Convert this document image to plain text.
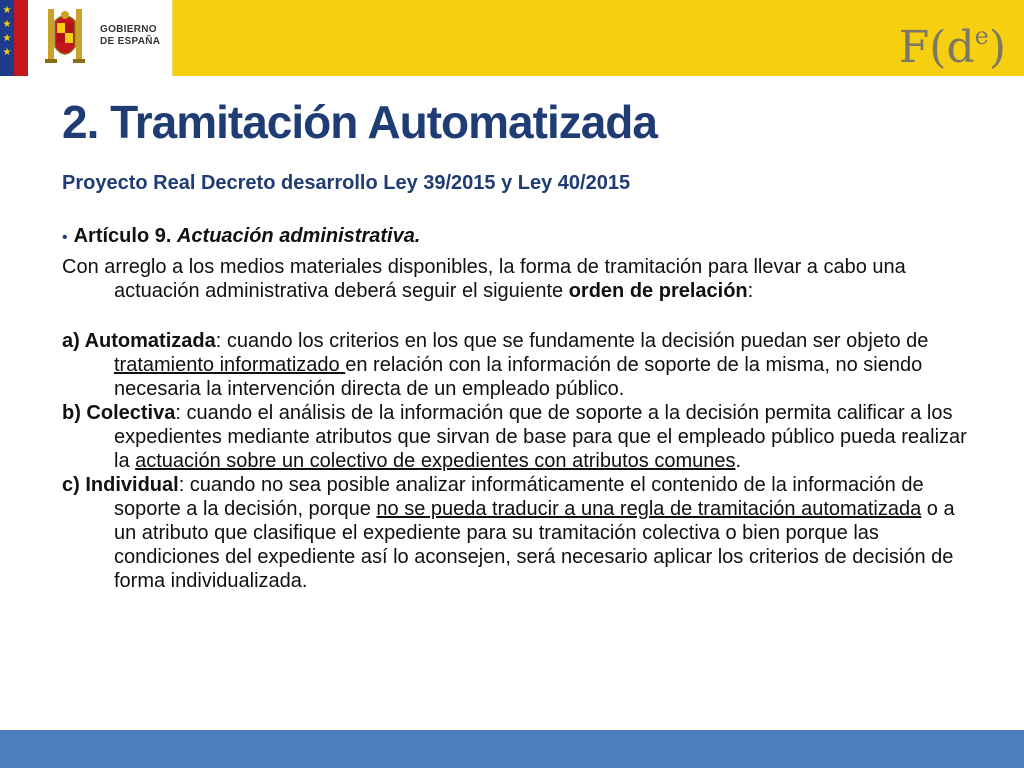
★
★
★
★
GOBIERNO
DE ESPAÑA	$F(d^e)$
2. Tramitación Automatizada
Proyecto Real Decreto desarrollo Ley 39/2015 y Ley 40/2015

• Artículo 9. Actuación administrativa.

Con arreglo a los medios materiales disponibles, la forma de tramitación para llevar a cabo una actuación administrativa deberá seguir el siguiente orden de prelación:

a) Automatizada: cuando los criterios en los que se fundamente la decisión puedan ser objeto de tratamiento informatizado en relación con la información de soporte de la misma, no siendo necesaria la intervención directa de un empleado público.

b) Colectiva: cuando el análisis de la información que de soporte a la decisión permita calificar a los expedientes mediante atributos que sirvan de base para que el empleado público pueda realizar la actuación sobre un colectivo de expedientes con atributos comunes.

c) Individual: cuando no sea posible analizar informáticamente el contenido de la información de soporte a la decisión, porque no se pueda traducir a una regla de tramitación automatizada o a un atributo que clasifique el expediente para su tramitación colectiva o bien porque las condiciones del expediente así lo aconsejen, será necesario aplicar los criterios de decisión de forma individualizada.
